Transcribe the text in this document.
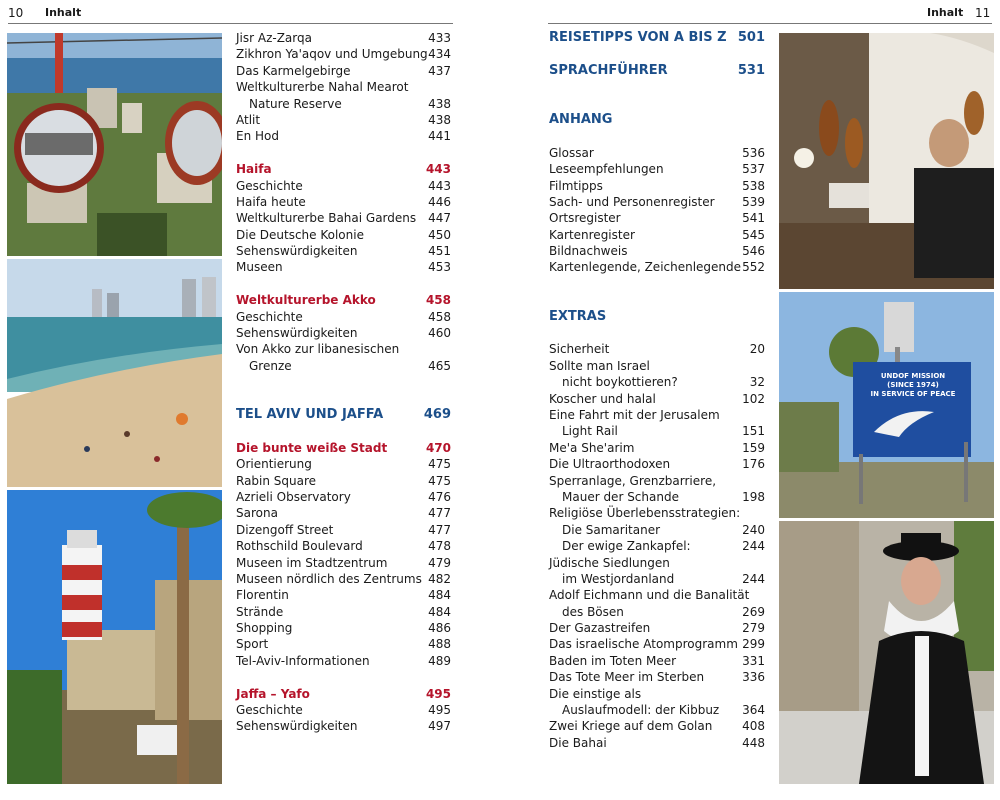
10 Inhalt	Inhalt 11
UNDOF MISSION
(SINCE 1974)
IN SERVICE OF PEACE
Jisr Az-Zarqa	433
Zikhron Ya'aqov und Umgebung 434
Das Karmelgebirge	437
Weltkulturerbe Nahal Mearot
Nature Reserve	438
Atlit	438
En Hod	441
Haifa	443
Geschichte	443
Haifa heute	446
Weltkulturerbe Bahai Gardens 447
Die Deutsche Kolonie	450
Sehenswürdigkeiten	451
Museen	453
Weltkulturerbe Akko	458
Geschichte	458
Sehenswürdigkeiten	460
Von Akko zur libanesischen
Grenze	465
TEL AVIV UND JAFFA	469
Die bunte weiße Stadt	470
Orientierung	475
Rabin Square	475
Azrieli Observatory	476
Sarona	477
Dizengoff Street	477
Rothschild Boulevard	478
Museen im Stadtzentrum	479
Museen nördlich des Zentrums 482
Florentin	484
Strände	484
Shopping	486
Sport	488
Tel-Aviv-Informationen	489
Jaffa – Yafo	495
Geschichte	495
Sehenswürdigkeiten	497
REISETIPPS VON A BIS Z 501
SPRACHFÜHRER	531
ANHANG
Glossar	536
Leseempfehlungen	537
Filmtipps	538
Sach- und Personenregister 539
Ortsregister	541
Kartenregister	545
Bildnachweis	546
Kartenlegende, Zeichenlegende 552
EXTRAS
Sicherheit	20
Sollte man Israel
nicht boykottieren?	32
Koscher und halal	102
Eine Fahrt mit der Jerusalem
Light Rail	151
Me'a She'arim	159
Die Ultraorthodoxen	176
Sperranlage, Grenzbarriere,
Mauer der Schande	198
Religiöse Überlebensstrategien:
Die Samaritaner	240
Der ewige Zankapfel:	244
Jüdische Siedlungen
im Westjordanland	244
Adolf Eichmann und die Banalität
des Bösen	269
Der Gazastreifen	279
Das israelische Atomprogramm 299
Baden im Toten Meer	331
Das Tote Meer im Sterben	336
Die einstige als
Auslaufmodell: der Kibbuz 364
Zwei Kriege auf dem Golan 408
Die Bahai	448
